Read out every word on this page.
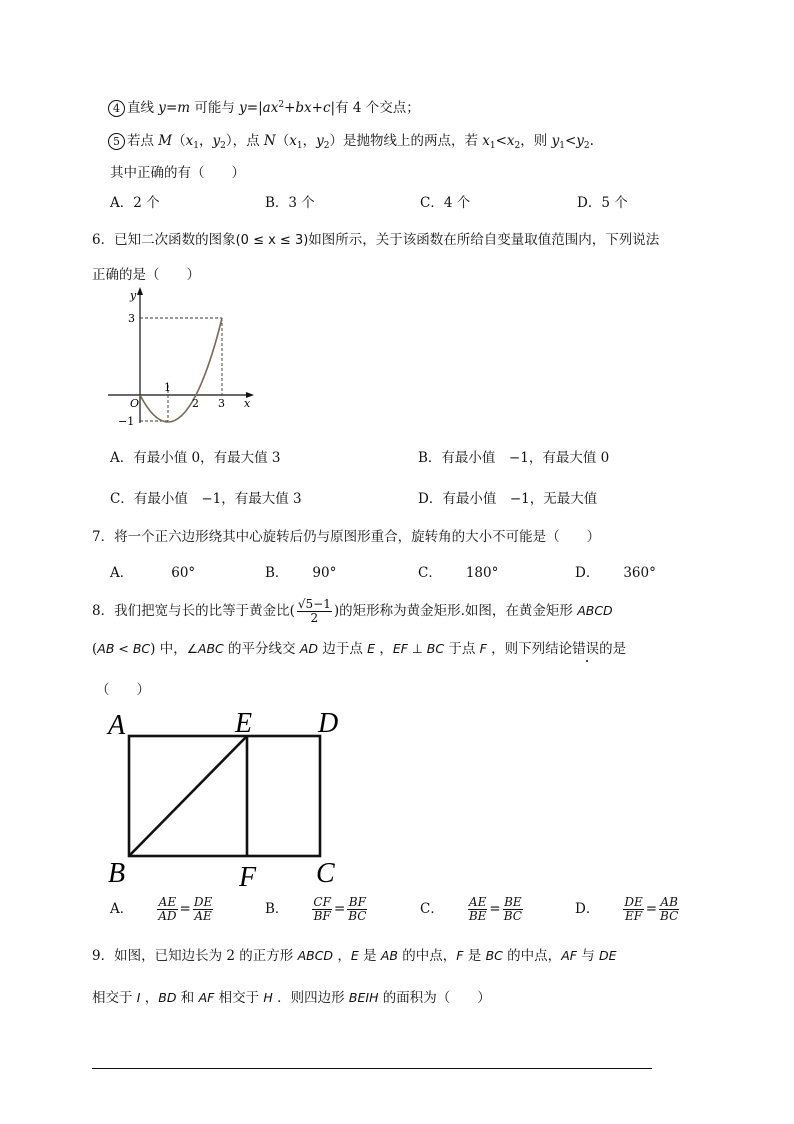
4 直线 y=m 可能与 $y=|ax^2+bx+c|$有 4 个交点；
5 若点 $M(x_1$，$y_2$），点 $N(x_1$，$y_2$）是抛物线上的两点，若 $x_1<x_2$，则 $y_1<y_2$.
其中正确的有（　　）
A．2 个	B．3 个	C．4 个	D．5 个
6．已知二次函数的图象(0 ≤ x ≤ 3)如图所示，关于该函数在所给自变量取值范围内，下列说法
正确的是（　　）
y
x
3
1
O
−1
2 3
A．有最小值 0，有最大值 3	B．有最小值　−1，有最大值 0
C．有最小值　−1，有最大值 3	D．有最小值　−1，无最大值
7．将一个正六边形绕其中心旋转后仍与原图形重合，旋转角的大小不可能是（　　）
A．	60°	B． 90°	C． 180°	D． 360°
8．我们把宽与长的比等于黄金比( $\frac{√5-1}{2}$ )的矩形称为黄金矩形.如图，在黄金矩形 ABCD
(AB < BC) 中，∠ABC 的平分线交 AD 边于点 E ，EF ⊥ BC 于点 F ，则下列结论错误的是
（　　）
A	E D
B	F C
A． $\frac{AE}{AD} = \frac{DE}{AE}$	B． $\frac{CF}{BF} = \frac{BF}{BC}$	C． $\frac{AE}{BE} = \frac{BE}{BC}$	D． $\frac{DE}{EF} = \frac{AB}{BC}$
9．如图，已知边长为 2 的正方形 ABCD ，E 是 AB 的中点，F 是 BC 的中点，AF 与 DE
相交于 I ，BD 和 AF 相交于 H ．则四边形 BEIH 的面积为（　　）
